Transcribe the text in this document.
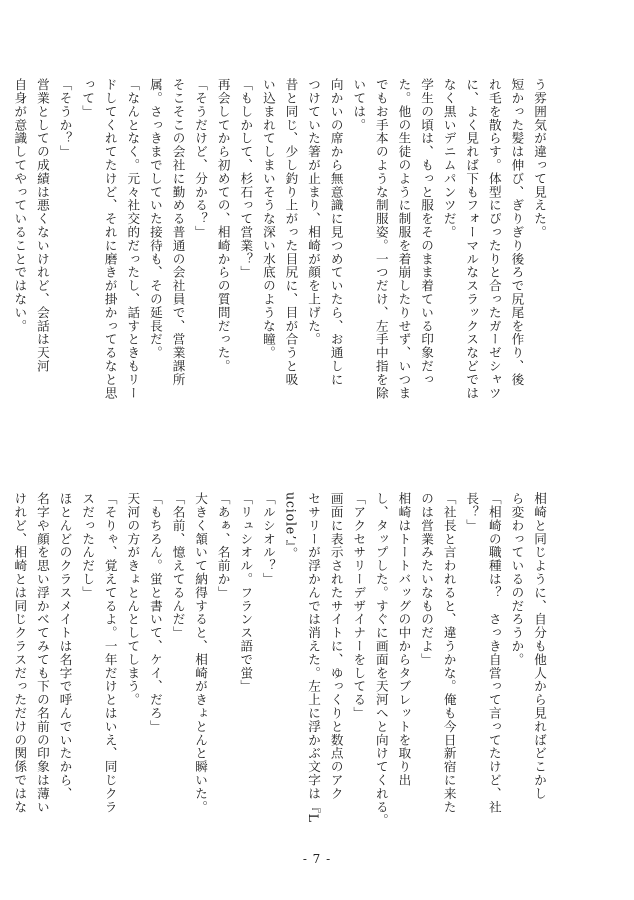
う雰囲気が違って見えた。
短かった髪は伸び、ぎりぎり後ろで尻尾を作り、後
れ毛を散らす。体型にぴったりと合ったガーゼシャツ
に、よく見れば下もフォーマルなスラックスなどでは
なく黒いデニムパンツだ。
学生の頃は、もっと服をそのまま着ている印象だっ
た。他の生徒のように制服を着崩したりせず、いつま
でもお手本のような制服姿。一つだけ、左手中指を除
いては。
向かいの席から無意識に見つめていたら、お通しに
つけていた箸が止まり、相崎が顔を上げた。
昔と同じ、少し釣り上がった目尻に、目が合うと吸
い込まれてしまいそうな深い水底のような瞳。
「もしかして、杉石って営業？」
再会してから初めての、相崎からの質問だった。
「そうだけど、分かる？」
そこそこの会社に勤める普通の会社員で、営業課所
属。さっきまでしていた接待も、その延長だ。
「なんとなく。元々社交的だったし、話すときもリー
ドしてくれてたけど、それに磨きが掛かってるなと思
って」
「そうか？」
営業としての成績は悪くないけれど、会話は天河
自身が意識してやっていることではない。
相崎と同じように、自分も他人から見ればどこかし
ら変わっているのだろうか。
「相崎の職種は？　さっき自営って言ってたけど、社
長？」
「社長と言われると、違うかな。俺も今日新宿に来た
のは営業みたいなものだよ」
相崎はトートバッグの中からタブレットを取り出
し、タップした。すぐに画面を天河へと向けてくれる。
「アクセサリーデザイナーをしてる」
画面に表示されたサイトに、ゆっくりと数点のアク
セサリーが浮かんでは消えた。左上に浮かぶ文字は『L
ucioleʼ』。
「ルシオル？」
「リュシオル。フランス語で蛍」
「あぁ、名前か」
大きく頷いて納得すると、相崎がきょとんと瞬いた。
「名前、憶えてるんだ」
「もちろん。蛍と書いて、ケイ、だろ」
天河の方がきょとんとしてしまう。
「そりゃ、覚えてるよ。一年だけとはいえ、同じクラ
スだったんだし」
ほとんどのクラスメイトは名字で呼んでいたから、
名字や顔を思い浮かべてみても下の名前の印象は薄い
けれど、相崎とは同じクラスだっただけの関係ではな
- 7 -
